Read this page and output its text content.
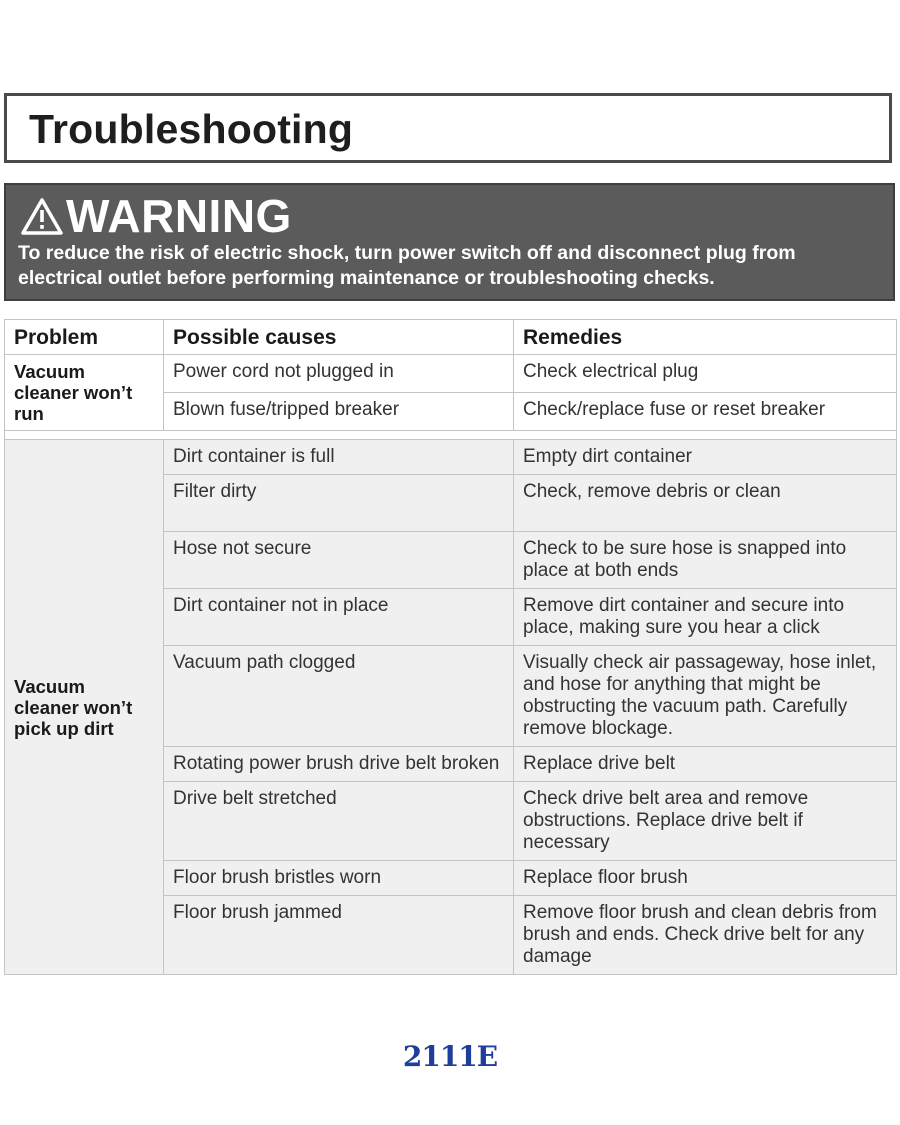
Troubleshooting
WARNING
To reduce the risk of electric shock, turn power switch off and disconnect plug from electrical outlet before performing maintenance or troubleshooting checks.
Problem	Possible causes	Remedies
Vacuum cleaner won’t run	Power cord not plugged in	Check electrical plug
	Blown fuse/tripped breaker	Check/replace fuse or reset breaker

Vacuum cleaner won’t pick up dirt	Dirt container is full	Empty dirt container
	Filter dirty	Check, remove debris or clean
	Hose not secure	Check to be sure hose is snapped into place at both ends
	Dirt container not in place	Remove dirt container and secure into place, making sure you hear a click
	Vacuum path clogged	Visually check air passageway, hose inlet, and hose for anything that might be obstructing the vacuum path. Carefully remove blockage.
	Rotating power brush drive belt broken	Replace drive belt
	Drive belt stretched	Check drive belt area and remove obstructions. Replace drive belt if necessary
	Floor brush bristles worn	Replace floor brush
	Floor brush jammed	Remove floor brush and clean debris from brush and ends. Check drive belt for any damage
2111E
